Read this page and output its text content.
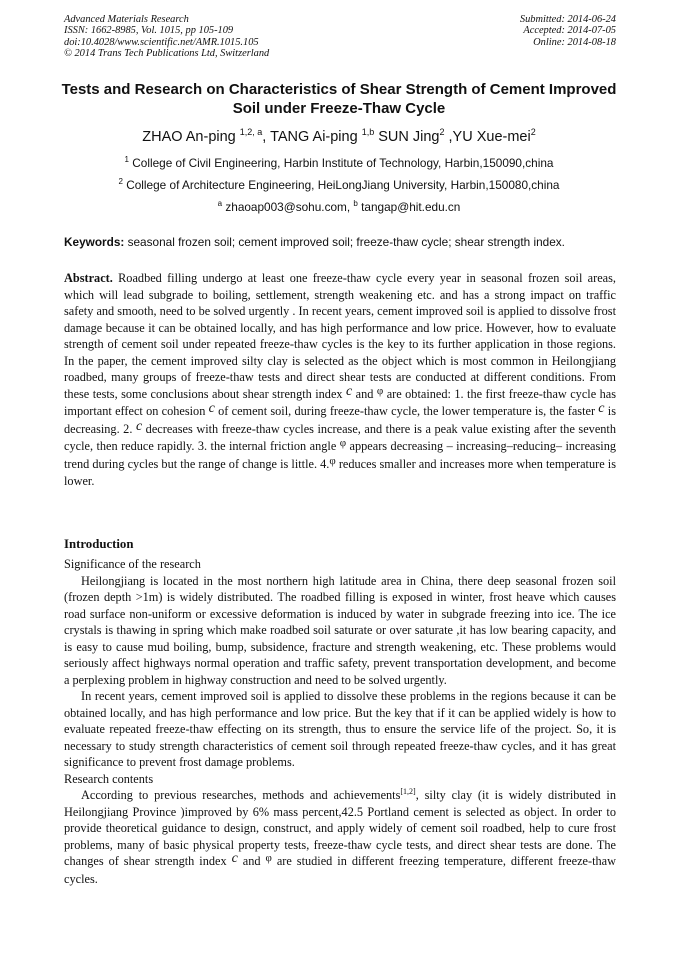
Advanced Materials Research
ISSN: 1662-8985, Vol. 1015, pp 105-109
doi:10.4028/www.scientific.net/AMR.1015.105
© 2014 Trans Tech Publications Ltd, Switzerland
Submitted: 2014-06-24
Accepted: 2014-07-05
Online: 2014-08-18
Tests and Research on Characteristics of Shear Strength of Cement Improved Soil under Freeze-Thaw Cycle
ZHAO An-ping $^{1,2, a}$, TANG Ai-ping $^{1,b}$ SUN Jing$^2$ ,YU Xue-mei$^2$
$^1$ College of Civil Engineering, Harbin Institute of Technology, Harbin,150090,china
$^2$ College of Architecture Engineering, HeiLongJiang University, Harbin,150080,china
$^a$ zhaoap003@sohu.com, $^b$ tangap@hit.edu.cn
Keywords: seasonal frozen soil; cement improved soil; freeze-thaw cycle; shear strength index.
Abstract. Roadbed filling undergo at least one freeze-thaw cycle every year in seasonal frozen soil areas, which will lead subgrade to boiling, settlement, strength weakening etc. and has a strong impact on traffic safety and smooth, need to be solved urgently . In recent years, cement improved soil is applied to dissolve frost damage because it can be obtained locally, and has high performance and low price. However, how to evaluate strength of cement soil under repeated freeze-thaw cycles is the key to its further application in those regions. In the paper, the cement improved silty clay is selected as the object which is most common in Heilongjiang roadbed, many groups of freeze-thaw tests and direct shear tests are conducted at different conditions. From these tests, some conclusions about shear strength index c and φ are obtained: 1. the first freeze-thaw cycle has important effect on cohesion c of cement soil, during freeze-thaw cycle, the lower temperature is, the faster c is decreasing. 2. c decreases with freeze-thaw cycles increase, and there is a peak value existing after the seventh cycle, then reduce rapidly. 3. the internal friction angle φ appears decreasing – increasing–reducing– increasing trend during cycles but the range of change is little. 4.φ reduces smaller and increases more when temperature is lower.
Introduction

Significance of the research

Heilongjiang is located in the most northern high latitude area in China, there deep seasonal frozen soil (frozen depth >1m) is widely distributed. The roadbed filling is exposed in winter, frost heave which causes road surface non-uniform or excessive deformation is induced by water in subgrade freezing into ice. The ice crystals is thawing in spring which make roadbed soil saturate or over saturate ,it has low bearing capacity, and is easy to cause mud boiling, bump, subsidence, fracture and strength weakening, etc. These problems would seriously affect highways normal operation and traffic safety, prevent transportation development, and become a perplexing problem in highway construction and need to be solved urgently.

In recent years, cement improved soil is applied to dissolve these problems in the regions because it can be obtained locally, and has high performance and low price. But the key that if it can be applied widely is how to evaluate repeated freeze-thaw effecting on its strength, thus to ensure the service life of the project. So, it is necessary to study strength characteristics of cement soil through repeated freeze-thaw cycles, and it has great significance to prevent frost damage problems.

Research contents

According to previous researches, methods and achievements[1,2], silty clay (it is widely distributed in Heilongjiang Province )improved by 6% mass percent,42.5 Portland cement is selected as object. In order to provide theoretical guidance to design, construct, and apply widely of cement soil roadbed, help to cure frost problems, many of basic physical property tests, freeze-thaw cycle tests, and direct shear tests are done. The changes of shear strength index c and φ are studied in different freezing temperature, different freeze-thaw cycles.
